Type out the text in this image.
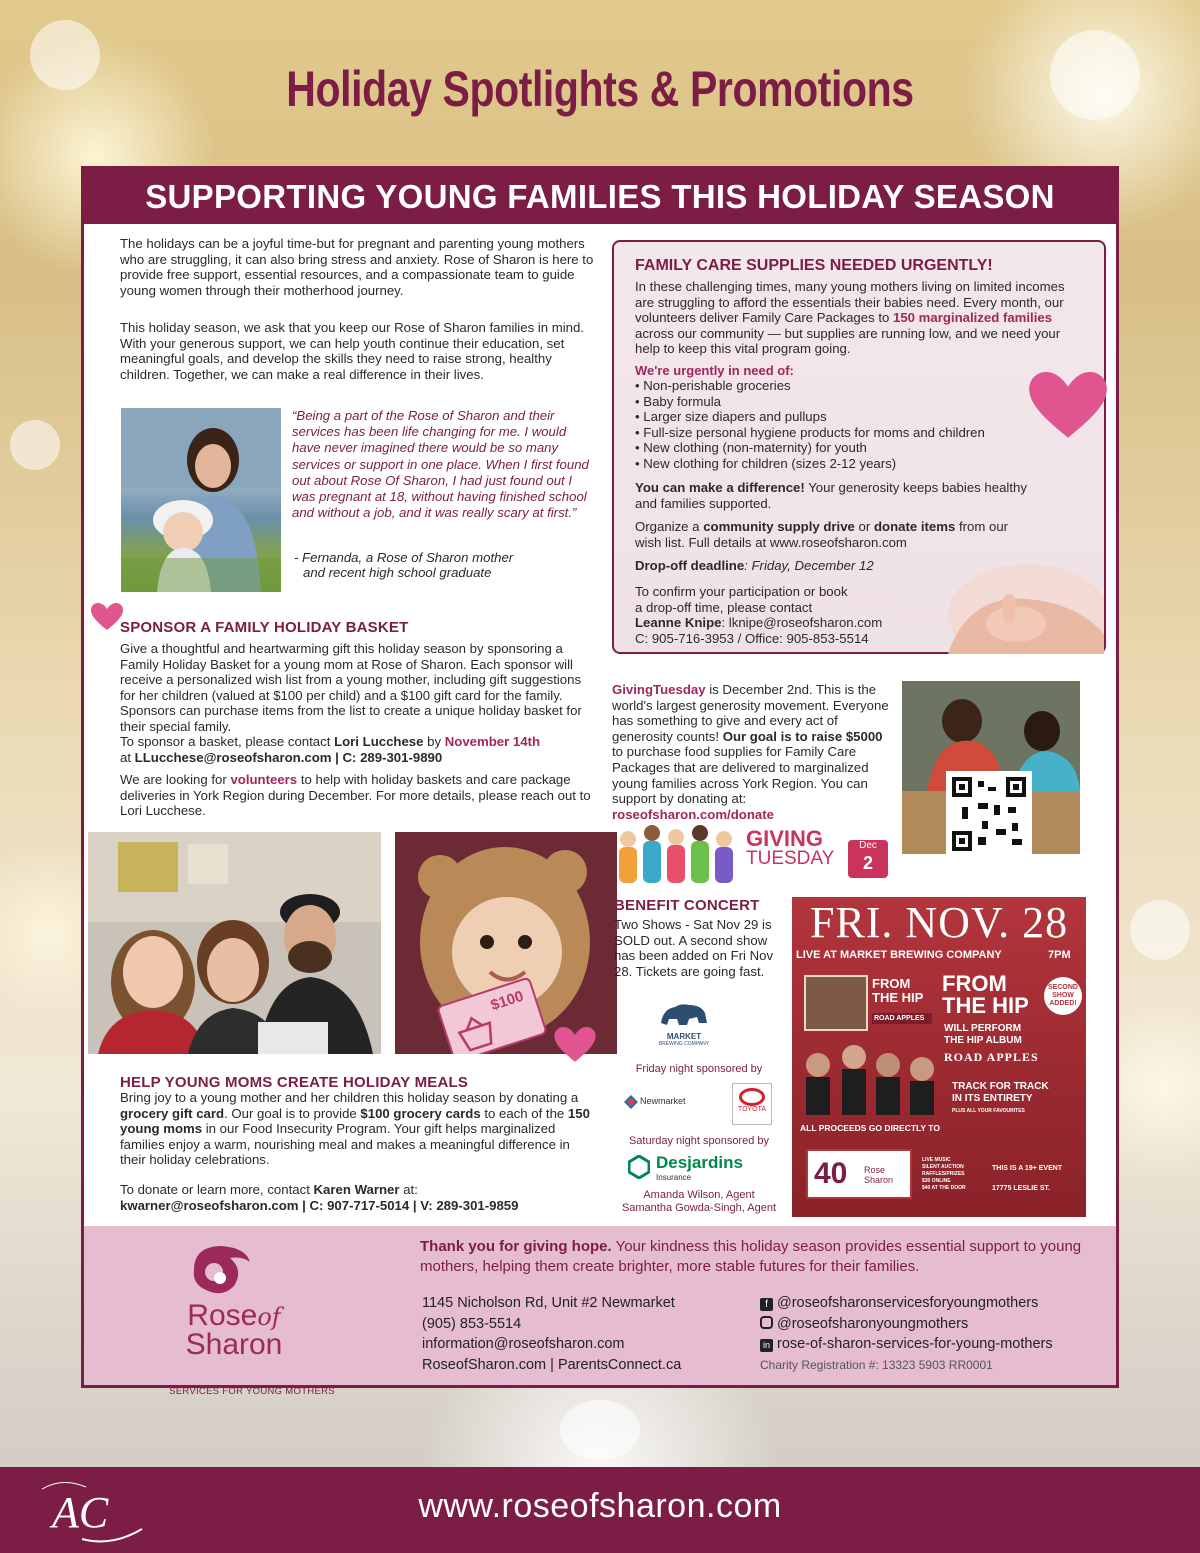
Holiday Spotlights & Promotions
SUPPORTING YOUNG FAMILIES THIS HOLIDAY SEASON
The holidays can be a joyful time-but for pregnant and parenting young mothers who are struggling, it can also bring stress and anxiety. Rose of Sharon is here to provide free support, essential resources, and a compassionate team to guide young women through their motherhood journey.
This holiday season, we ask that you keep our Rose of Sharon families in mind. With your generous support, we can help youth continue their education, set meaningful goals, and develop the skills they need to raise strong, healthy children. Together, we can make a real difference in their lives.
“Being a part of the Rose of Sharon and their services has been life changing for me. I would have never imagined there would be so many services or support in one place. When I first found out about Rose Of Sharon, I had just found out I was pregnant at 18, without having finished school and without a job, and it was really scary at first.”
- Fernanda, a Rose of Sharon mother
and recent high school graduate
SPONSOR A FAMILY HOLIDAY BASKET
Give a thoughtful and heartwarming gift this holiday season by sponsoring a Family Holiday Basket for a young mom at Rose of Sharon. Each sponsor will receive a personalized wish list from a young mother, including gift suggestions for her children (valued at $100 per child) and a $100 gift card for the family. Sponsors can purchase items from the list to create a unique holiday basket for their special family.
To sponsor a basket, please contact Lori Lucchese by November 14th
at LLucchese@roseofsharon.com | C: 289-301-9890
We are looking for volunteers to help with holiday baskets and care package deliveries in York Region during December. For more details, please reach out to Lori Lucchese.
$100
HELP YOUNG MOMS CREATE HOLIDAY MEALS
Bring joy to a young mother and her children this holiday season by donating a grocery gift card. Our goal is to provide $100 grocery cards to each of the 150 young moms in our Food Insecurity Program. Your gift helps marginalized families enjoy a warm, nourishing meal and makes a meaningful difference in their holiday celebrations.
To donate or learn more, contact Karen Warner at:
kwarner@roseofsharon.com | C: 907-717-5014 | V: 289-301-9859
FAMILY CARE SUPPLIES NEEDED URGENTLY!
In these challenging times, many young mothers living on limited incomes are struggling to afford the essentials their babies need. Every month, our volunteers deliver Family Care Packages to 150 marginalized families across our community — but supplies are running low, and we need your help to keep this vital program going.
We're urgently in need of:
• Non-perishable groceries
• Baby formula
• Larger size diapers and pullups
• Full-size personal hygiene products for moms and children
• New clothing (non-maternity) for youth
• New clothing for children (sizes 2-12 years)
You can make a difference! Your generosity keeps babies healthy and families supported.
Organize a community supply drive or donate items from our wish list. Full details at www.roseofsharon.com
Drop-off deadline: Friday, December 12
To confirm your participation or book
a drop-off time, please contact
Leanne Knipe: lknipe@roseofsharon.com
C: 905-716-3953 / Office: 905-853-5514
GivingTuesday is December 2nd. This is the world's largest generosity movement. Everyone has something to give and every act of generosity counts! Our goal is to raise $5000 to purchase food supplies for Family Care Packages that are delivered to marginalized young families across York Region. You can support by donating at:
roseofsharon.com/donate
GIVING
TUESDAY
Dec
2
BENEFIT CONCERT
Two Shows - Sat Nov 29 is SOLD out. A second show has been added on Fri Nov 28. Tickets are going fast.
MARKET
BREWING COMPANY
Friday night sponsored by
Newmarket
TOYOTA
Saturday night sponsored by
Desjardins
Insurance
Amanda Wilson, Agent
Samantha Gowda-Singh, Agent
FRI. NOV. 28
LIVE AT MARKET BREWING COMPANY	7PM
FROM THE HIP
ROAD APPLES
FROM THE HIP
SECOND SHOW ADDED!
WILL PERFORM
THE HIP ALBUM
ROAD APPLES
TRACK FOR TRACK
IN ITS ENTIRETY
PLUS ALL YOUR FAVOURITES
ALL PROCEEDS GO DIRECTLY TO
40 Rose
Sharon
LIVE MUSIC
SILENT AUCTION
RAFFLES/PRIZES
$30 ONLINE
$40 AT THE DOOR
THIS IS A 19+ EVENT
17775 LESLIE ST.
Roseof
Sharon
SERVICES FOR YOUNG MOTHERS
Thank you for giving hope. Your kindness this holiday season provides essential support to young mothers, helping them create brighter, more stable futures for their families.
1145 Nicholson Rd, Unit #2 Newmarket
(905) 853-5514
information@roseofsharon.com
RoseofSharon.com | ParentsConnect.ca
f @roseofsharonservicesforyoungmothers
@roseofsharonyoungmothers
in rose-of-sharon-services-for-young-mothers
Charity Registration #: 13323 5903 RR0001
AC	www.roseofsharon.com
